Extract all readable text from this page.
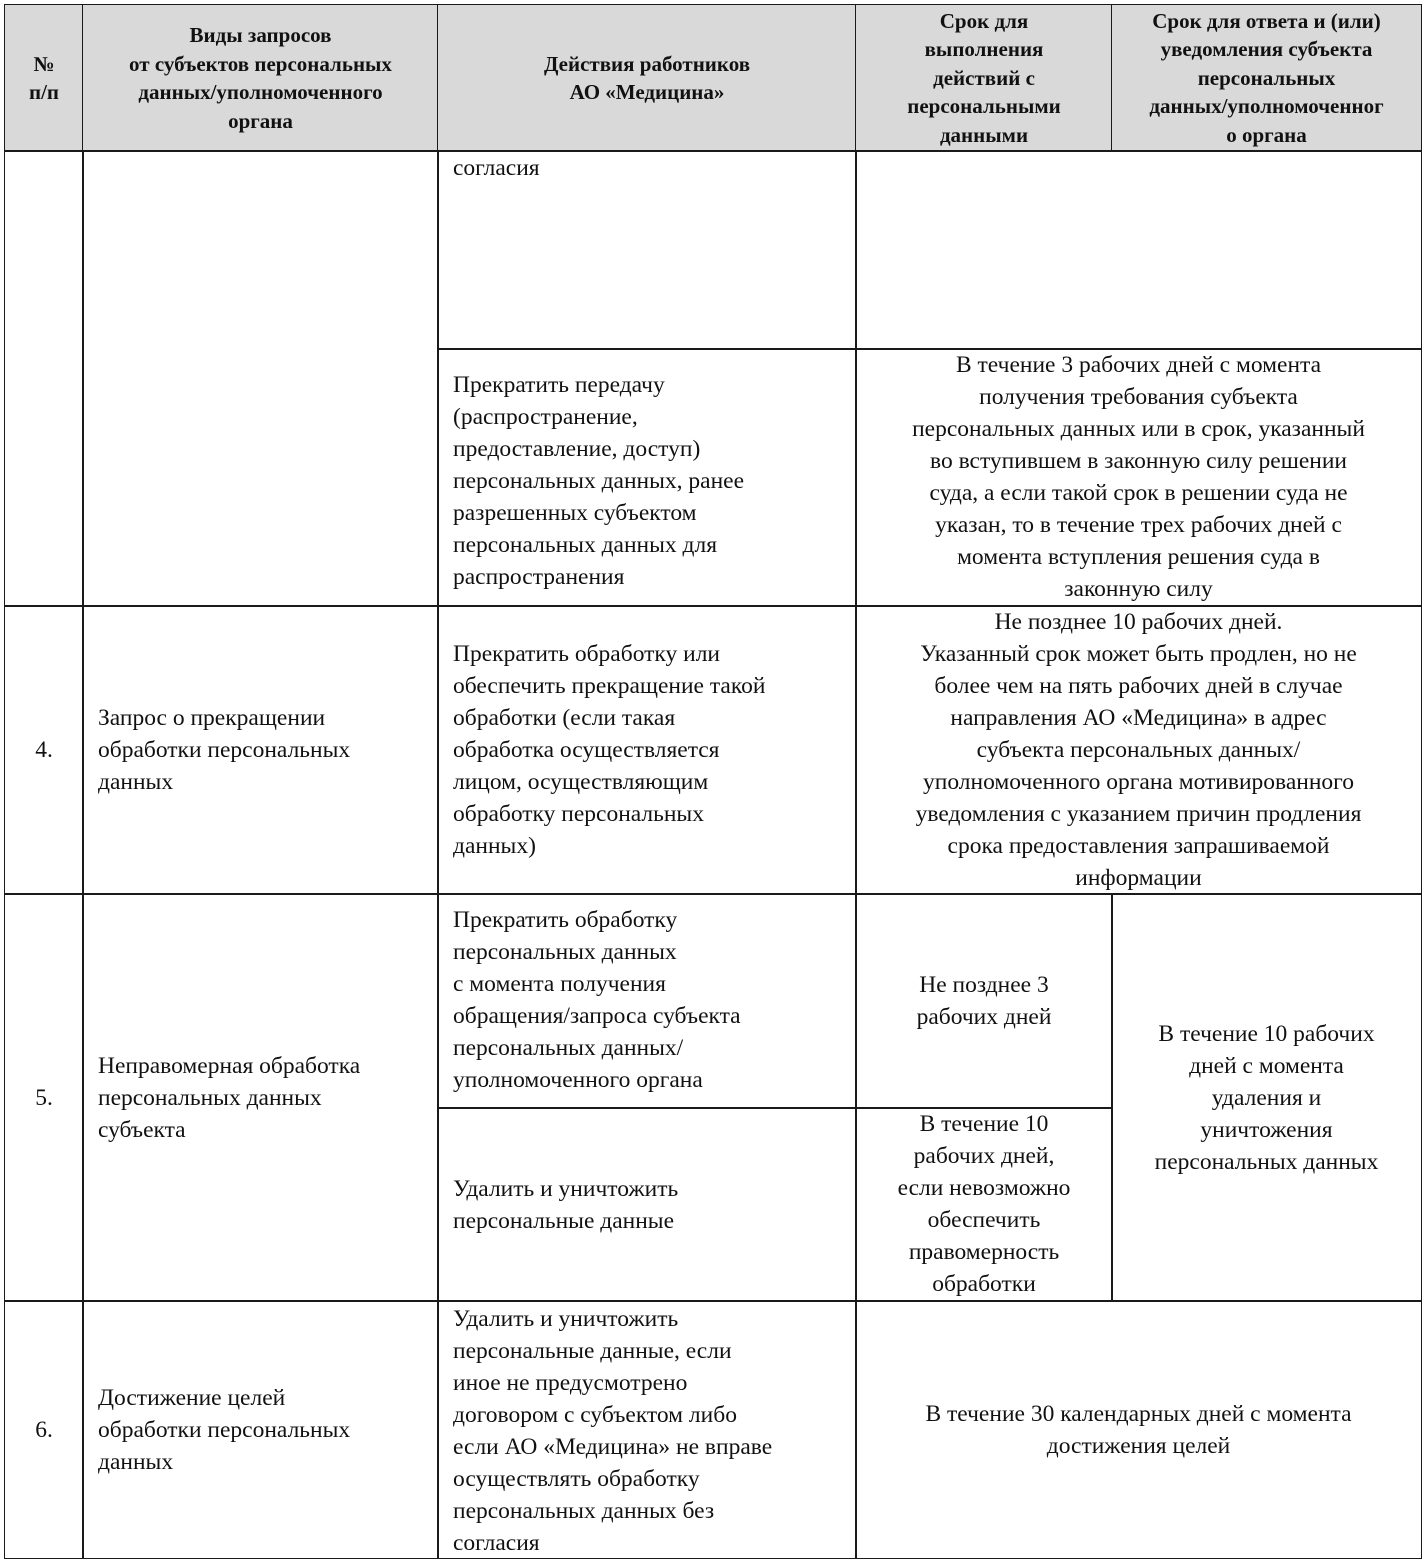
№
п/п
Виды запросов
от субъектов персональных
данных/уполномоченного
органа
Действия работников
АО «Медицина»
Срок для
выполнения
действий с
персональными
данными
Срок для ответа и (или)
уведомления субъекта
персональных
данных/уполномоченног
о органа
согласия
Прекратить передачу
(распространение,
предоставление, доступ)
персональных данных, ранее
разрешенных субъектом
персональных данных для
распространения
В течение 3 рабочих дней с момента
получения требования субъекта
персональных данных или в срок, указанный
во вступившем в законную силу решении
суда, а если такой срок в решении суда не
указан, то в течение трех рабочих дней с
момента вступления решения суда в
законную силу
4.
Запрос о прекращении
обработки персональных
данных
Прекратить обработку или
обеспечить прекращение такой
обработки (если такая
обработка осуществляется
лицом, осуществляющим
обработку персональных
данных)
Не позднее 10 рабочих дней.
Указанный срок может быть продлен, но не
более чем на пять рабочих дней в случае
направления АО «Медицина» в адрес
субъекта персональных данных/
уполномоченного органа мотивированного
уведомления с указанием причин продления
срока предоставления запрашиваемой
информации
5.
Неправомерная обработка
персональных данных
субъекта
Прекратить обработку
персональных данных
с момента получения
обращения/запроса субъекта
персональных данных/
уполномоченного органа
Не позднее 3
рабочих дней
Удалить и уничтожить
персональные данные
В течение 10
рабочих дней,
если невозможно
обеспечить
правомерность
обработки
В течение 10 рабочих
дней с момента
удаления и
уничтожения
персональных данных
6.
Достижение целей
обработки персональных
данных
Удалить и уничтожить
персональные данные, если
иное не предусмотрено
договором с субъектом либо
если АО «Медицина» не вправе
осуществлять обработку
персональных данных без
согласия
В течение 30 календарных дней с момента
достижения целей
